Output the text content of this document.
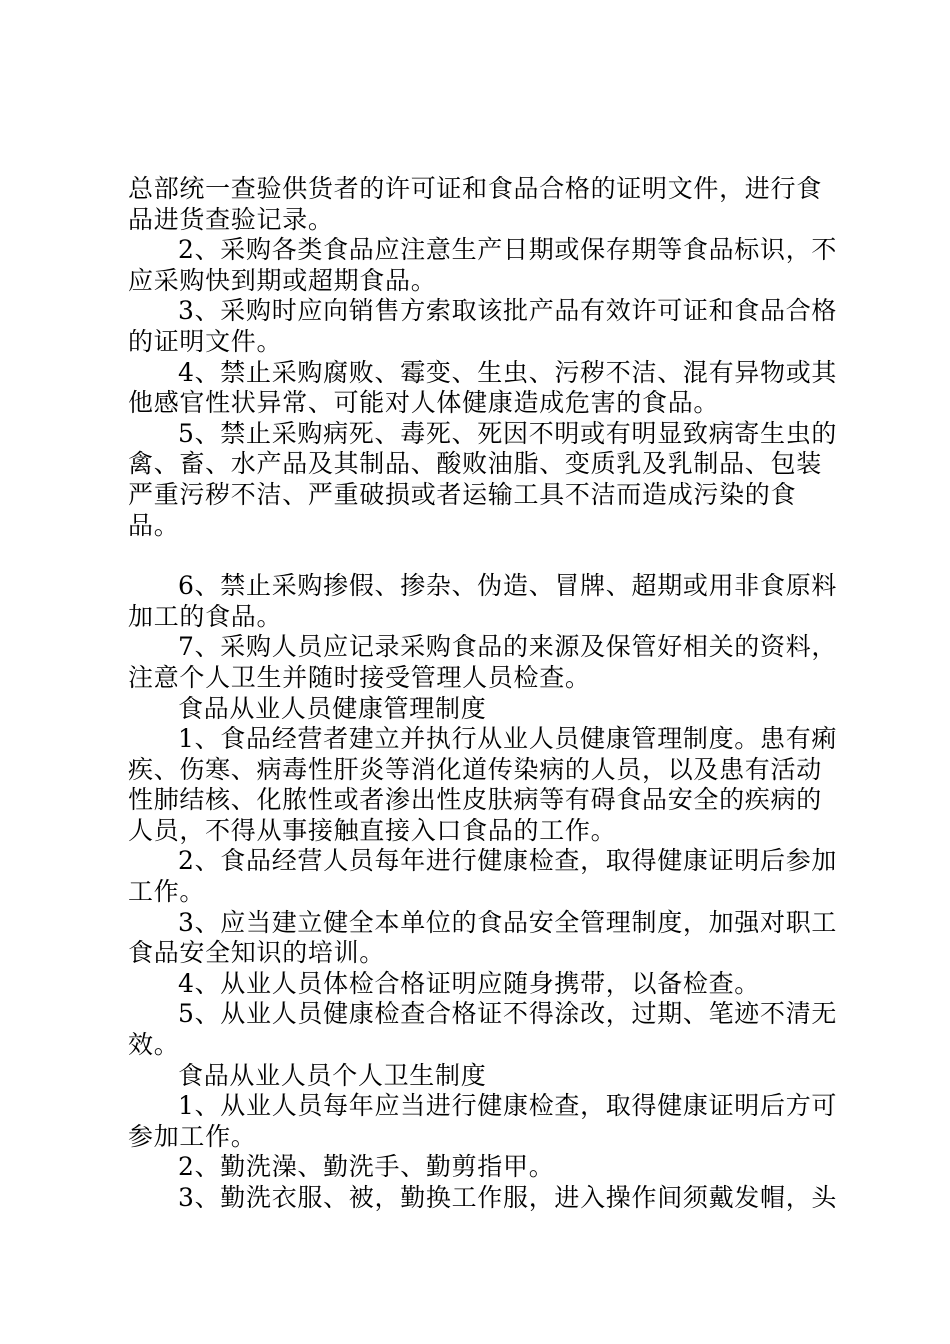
总部统一查验供货者的许可证和食品合格的证明文件，进行食品进货查验记录。

2、采购各类食品应注意生产日期或保存期等食品标识，不应采购快到期或超期食品。

3、采购时应向销售方索取该批产品有效许可证和食品合格的证明文件。

4、禁止采购腐败、霉变、生虫、污秽不洁、混有异物或其他感官性状异常、可能对人体健康造成危害的食品。

5、禁止采购病死、毒死、死因不明或有明显致病寄生虫的禽、畜、水产品及其制品、酸败油脂、变质乳及乳制品、包装严重污秽不洁、严重破损或者运输工具不洁而造成污染的食品。

6、禁止采购掺假、掺杂、伪造、冒牌、超期或用非食原料加工的食品。

7、采购人员应记录采购食品的来源及保管好相关的资料，注意个人卫生并随时接受管理人员检查。

食品从业人员健康管理制度

1、食品经营者建立并执行从业人员健康管理制度。患有痢疾、伤寒、病毒性肝炎等消化道传染病的人员，以及患有活动性肺结核、化脓性或者渗出性皮肤病等有碍食品安全的疾病的人员，不得从事接触直接入口食品的工作。

2、食品经营人员每年进行健康检查，取得健康证明后参加工作。

3、应当建立健全本单位的食品安全管理制度，加强对职工食品安全知识的培训。

4、从业人员体检合格证明应随身携带，以备检查。

5、从业人员健康检查合格证不得涂改，过期、笔迹不清无效。

食品从业人员个人卫生制度

1、从业人员每年应当进行健康检查，取得健康证明后方可参加工作。

2、勤洗澡、勤洗手、勤剪指甲。

3、勤洗衣服、被，勤换工作服，进入操作间须戴发帽，头
